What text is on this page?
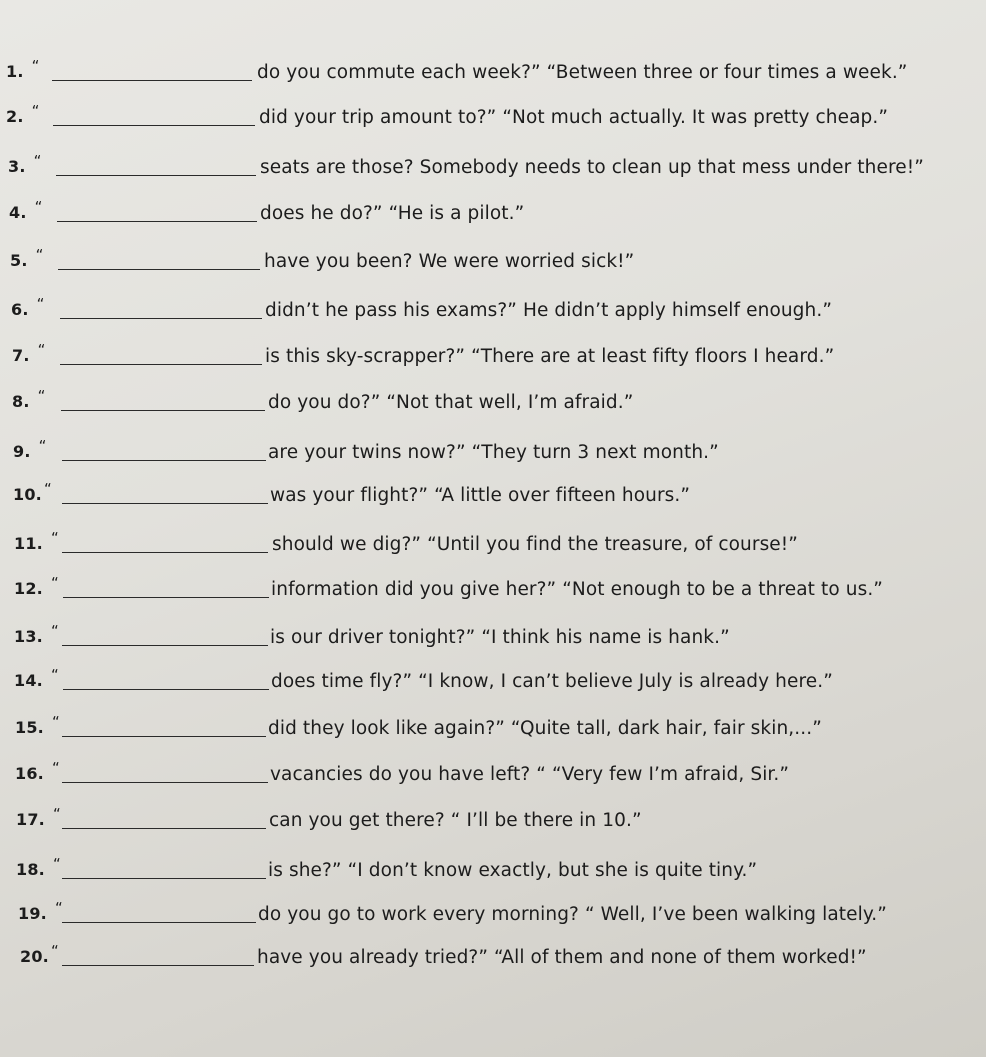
1. “	do you commute each week?” “Between three or four times a week.”
2. “	did your trip amount to?” “Not much actually. It was pretty cheap.”
3. “	seats are those? Somebody needs to clean up that mess under there!”
4. “	does he do?” “He is a pilot.”
5. “	have you been? We were worried sick!”
6. “	didn’t he pass his exams?” He didn’t apply himself enough.”
7. “	is this sky-scrapper?” “There are at least fifty floors I heard.”
8. “	do you do?” “Not that well, I’m afraid.”
9. “	are your twins now?” “They turn 3 next month.”
10. “	was your flight?” “A little over fifteen hours.”
11. “	should we dig?” “Until you find the treasure, of course!”
12. “	information did you give her?” “Not enough to be a threat to us.”
13. “	is our driver tonight?” “I think his name is hank.”
14. “	does time fly?” “I know, I can’t believe July is already here.”
15. “	did they look like again?” “Quite tall, dark hair, fair skin,...”
16. “	vacancies do you have left? “ “Very few I’m afraid, Sir.”
17. “	can you get there? “ I’ll be there in 10.”
18. “	is she?” “I don’t know exactly, but she is quite tiny.”
19. “	do you go to work every morning? “ Well, I’ve been walking lately.”
20. “	have you already tried?” “All of them and none of them worked!”
